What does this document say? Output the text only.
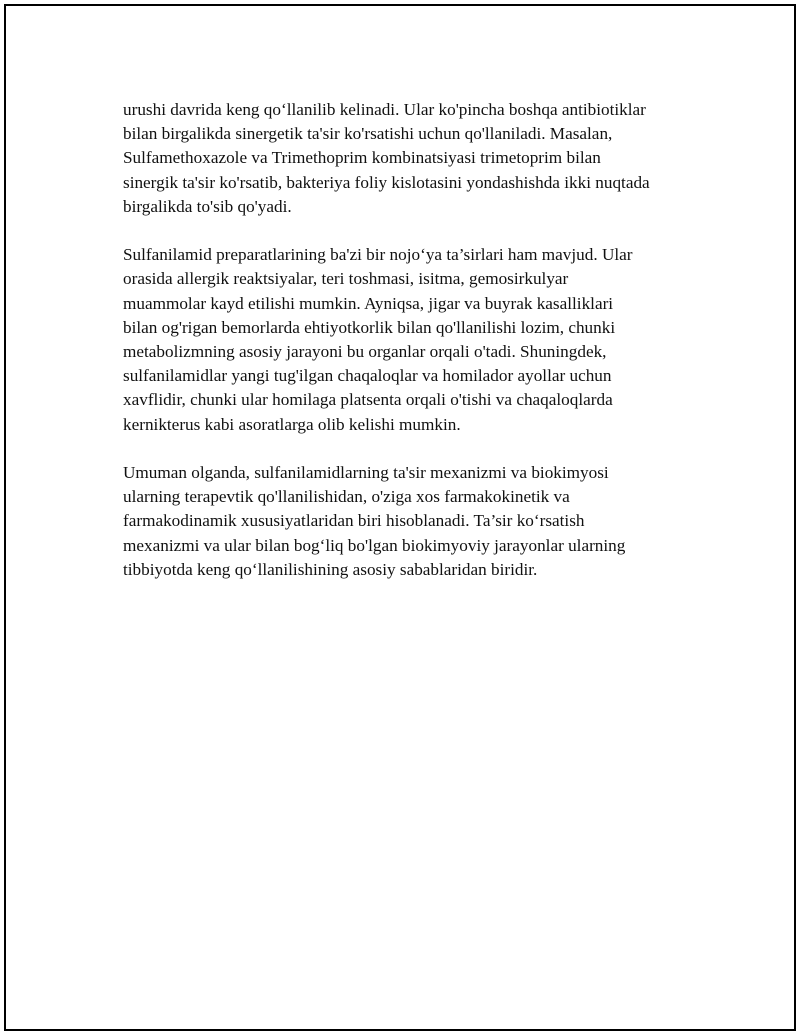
urushi davrida keng qo‘llanilib kelinadi. Ular ko'pincha boshqa antibiotiklar
bilan birgalikda sinergetik ta'sir ko'rsatishi uchun qo'llaniladi. Masalan,
Sulfamethoxazole va Trimethoprim kombinatsiyasi trimetoprim bilan
sinergik ta'sir ko'rsatib, bakteriya foliy kislotasini yondashishda ikki nuqtada
birgalikda to'sib qo'yadi.

Sulfanilamid preparatlarining ba'zi bir nojo‘ya ta’sirlari ham mavjud. Ular
orasida allergik reaktsiyalar, teri toshmasi, isitma, gemosirkulyar
muammolar kayd etilishi mumkin. Ayniqsa, jigar va buyrak kasalliklari
bilan og'rigan bemorlarda ehtiyotkorlik bilan qo'llanilishi lozim, chunki
metabolizmning asosiy jarayoni bu organlar orqali o'tadi. Shuningdek,
sulfanilamidlar yangi tug'ilgan chaqaloqlar va homilador ayollar uchun
xavflidir, chunki ular homilaga platsenta orqali o'tishi va chaqaloqlarda
kernikterus kabi asoratlarga olib kelishi mumkin.

Umuman olganda, sulfanilamidlarning ta'sir mexanizmi va biokimyosi
ularning terapevtik qo'llanilishidan, o'ziga xos farmakokinetik va
farmakodinamik xususiyatlaridan biri hisoblanadi. Ta’sir ko‘rsatish
mexanizmi va ular bilan bog‘liq bo'lgan biokimyoviy jarayonlar ularning
tibbiyotda keng qo‘llanilishining asosiy sabablaridan biridir.
